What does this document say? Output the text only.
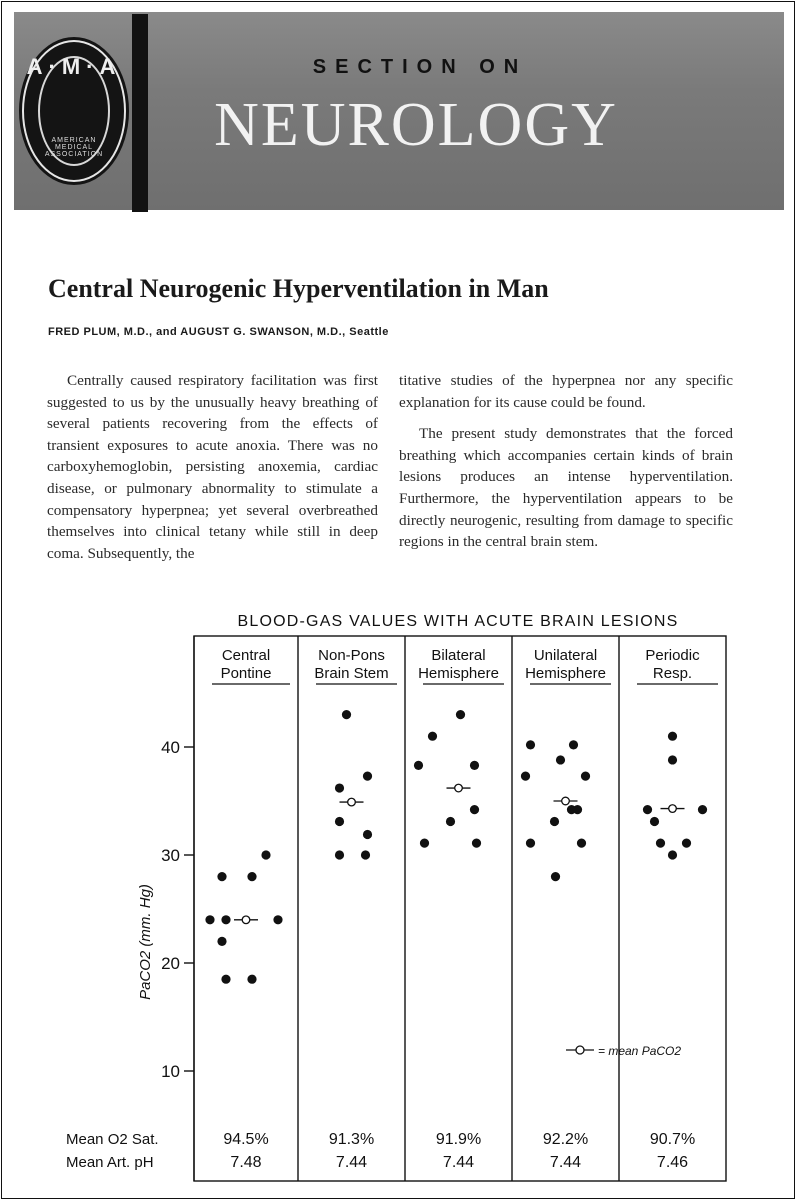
A·M·A
AMERICAN MEDICAL ASSOCIATION
SECTION ON
NEUROLOGY
Central Neurogenic Hyperventilation in Man
FRED PLUM, M.D., and AUGUST G. SWANSON, M.D., Seattle

Centrally caused respiratory facilitation was first suggested to us by the unusually heavy breathing of several patients recovering from the effects of transient exposures to acute anoxia. There was no carboxyhemoglobin, persisting anoxemia, cardiac disease, or pulmonary abnormality to stimulate a compensatory hyperpnea; yet several overbreathed themselves into clinical tetany while still in deep coma. Subsequently, the

titative studies of the hyperpnea nor any specific explanation for its cause could be found.

The present study demonstrates that the forced breathing which accompanies certain kinds of brain lesions produces an intense hyperventilation. Furthermore, the hyperventilation appears to be directly neurogenic, resulting from damage to specific regions in the central brain stem.

BLOOD-GAS VALUES WITH ACUTE BRAIN LESIONS
Central
Pontine
94.5%
7.48
Non-Pons
Brain Stem
91.3%
7.44
Bilateral
Hemisphere
91.9%
7.44
Unilateral
Hemisphere
92.2%
7.44
Periodic
Resp.
90.7%
7.46
10
20
30
40
PaCO2 (mm. Hg)
= mean PaCO2
Mean O2 Sat.
Mean Art. pH
